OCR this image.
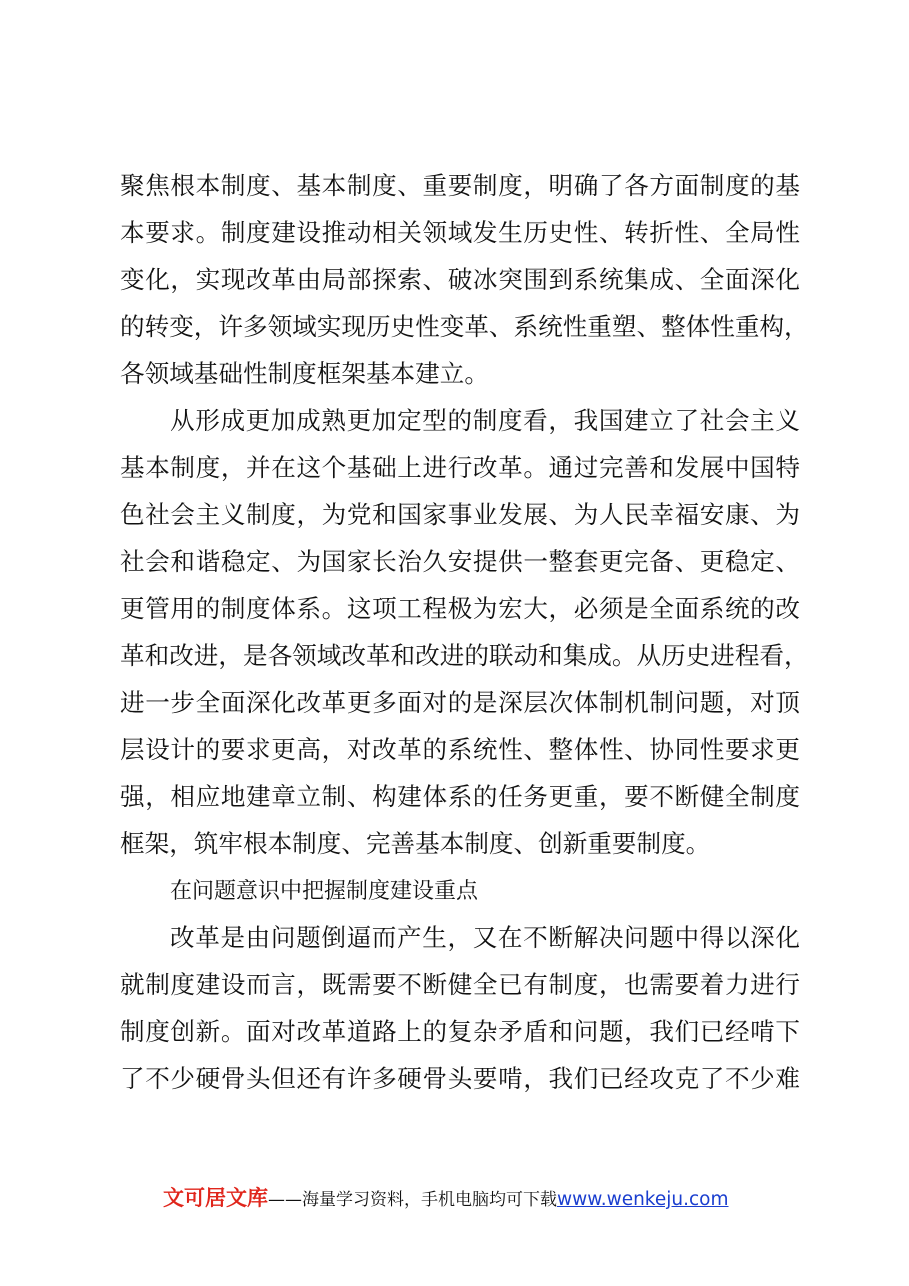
聚焦根本制度、基本制度、重要制度，明确了各方面制度的基
本要求。制度建设推动相关领域发生历史性、转折性、全局性
变化，实现改革由局部探索、破冰突围到系统集成、全面深化
的转变，许多领域实现历史性变革、系统性重塑、整体性重构，
各领域基础性制度框架基本建立。
从形成更加成熟更加定型的制度看，我国建立了社会主义
基本制度，并在这个基础上进行改革。通过完善和发展中国特
色社会主义制度，为党和国家事业发展、为人民幸福安康、为
社会和谐稳定、为国家长治久安提供一整套更完备、更稳定、
更管用的制度体系。这项工程极为宏大，必须是全面系统的改
革和改进，是各领域改革和改进的联动和集成。从历史进程看，
进一步全面深化改革更多面对的是深层次体制机制问题，对顶
层设计的要求更高，对改革的系统性、整体性、协同性要求更
强，相应地建章立制、构建体系的任务更重，要不断健全制度
框架，筑牢根本制度、完善基本制度、创新重要制度。
在问题意识中把握制度建设重点
改革是由问题倒逼而产生，又在不断解决问题中得以深化
就制度建设而言，既需要不断健全已有制度，也需要着力进行
制度创新。面对改革道路上的复杂矛盾和问题，我们已经啃下
了不少硬骨头但还有许多硬骨头要啃，我们已经攻克了不少难
文可居文库 ——海量学习资料，手机电脑均可下载 www.wenkeju.com
